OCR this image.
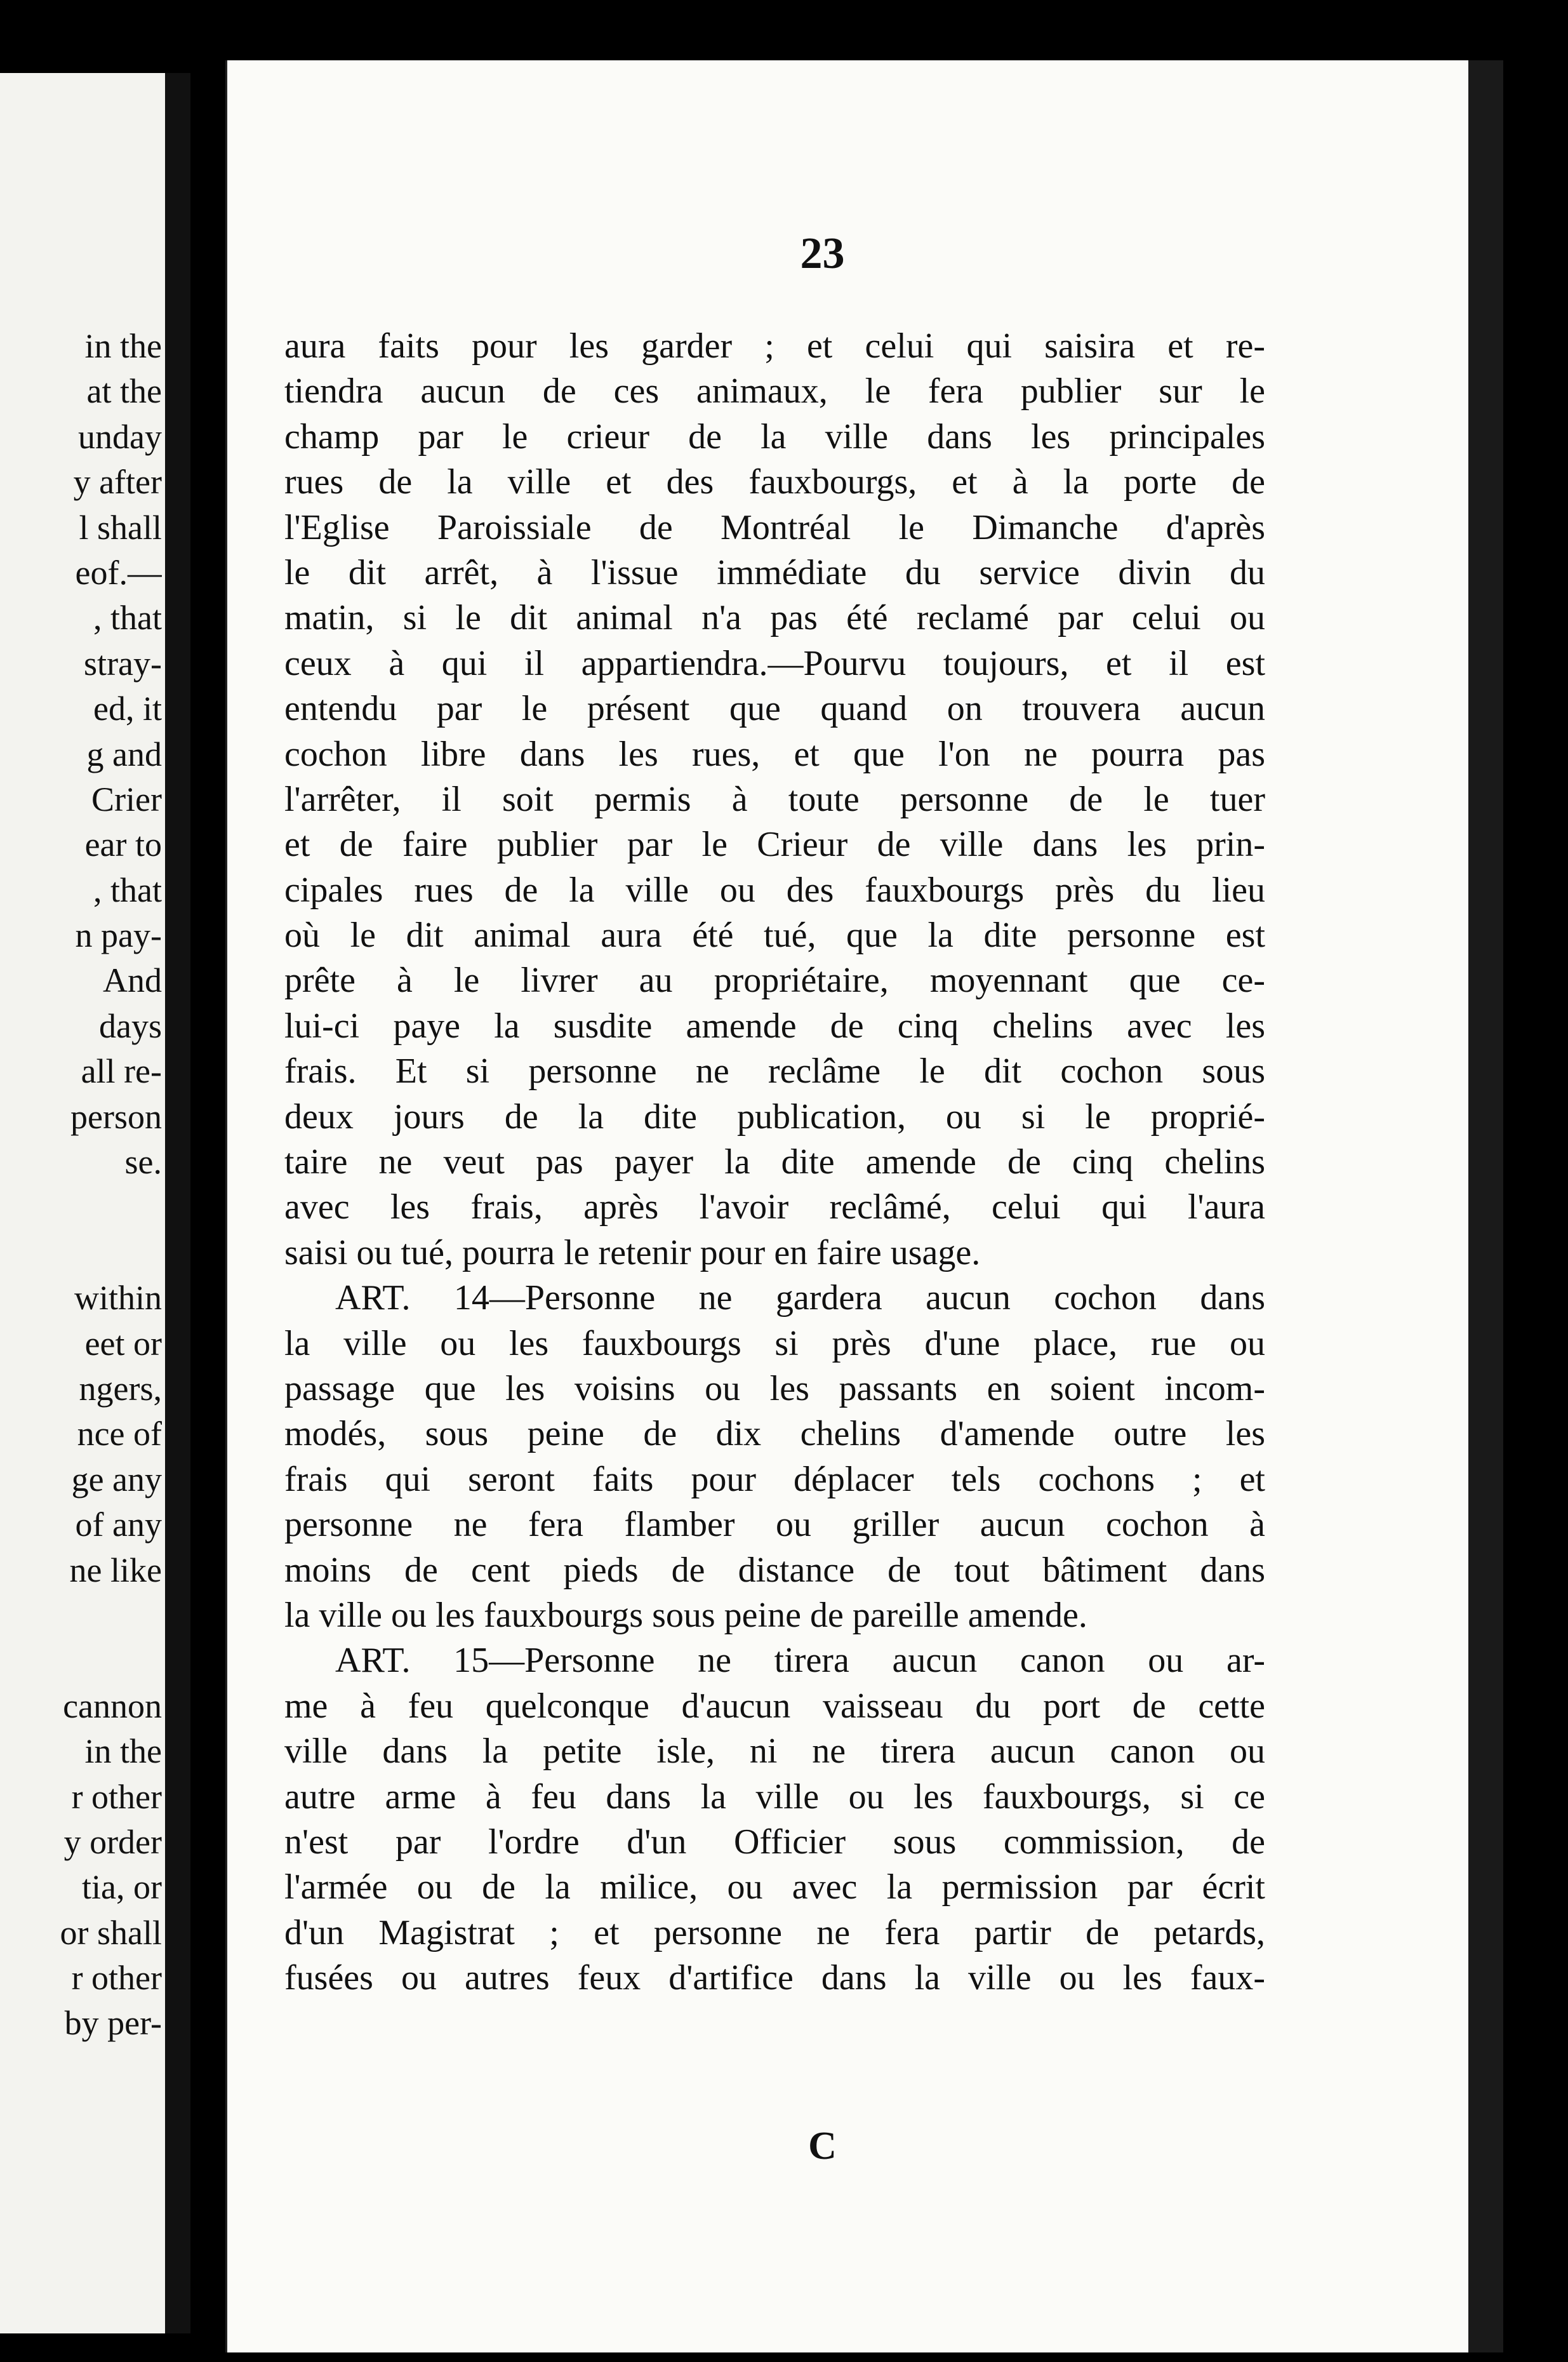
in the
at the
unday
y after
l shall
eof.—
, that
stray-
ed, it
g and
Crier
ear to
, that
n pay-
And
days
all re-
person
se.
within
eet or
ngers,
nce of
ge any
of any
ne like
cannon
in the
r other
y order
tia, or
or shall
r other
by per-
23
aura faits pour les garder ; et celui qui saisira et re-
tiendra aucun de ces animaux, le fera publier sur le
champ par le crieur de la ville dans les principales
rues de la ville et des fauxbourgs, et à la porte de
l'Eglise Paroissiale de Montréal le Dimanche d'après
le dit arrêt, à l'issue immédiate du service divin du
matin, si le dit animal n'a pas été reclamé par celui ou
ceux à qui il appartiendra.—Pourvu toujours, et il est
entendu par le présent que quand on trouvera aucun
cochon libre dans les rues, et que l'on ne pourra pas
l'arrêter, il soit permis à toute personne de le tuer
et de faire publier par le Crieur de ville dans les prin-
cipales rues de la ville ou des fauxbourgs près du lieu
où le dit animal aura été tué, que la dite personne est
prête à le livrer au propriétaire, moyennant que ce-
lui-ci paye la susdite amende de cinq chelins avec les
frais. Et si personne ne reclâme le dit cochon sous
deux jours de la dite publication, ou si le proprié-
taire ne veut pas payer la dite amende de cinq chelins
avec les frais, après l'avoir reclâmé, celui qui l'aura
saisi ou tué, pourra le retenir pour en faire usage.
ART. 14—Personne ne gardera aucun cochon dans
la ville ou les fauxbourgs si près d'une place, rue ou
passage que les voisins ou les passants en soient incom-
modés, sous peine de dix chelins d'amende outre les
frais qui seront faits pour déplacer tels cochons ; et
personne ne fera flamber ou griller aucun cochon à
moins de cent pieds de distance de tout bâtiment dans
la ville ou les fauxbourgs sous peine de pareille amende.
ART. 15—Personne ne tirera aucun canon ou ar-
me à feu quelconque d'aucun vaisseau du port de cette
ville dans la petite isle, ni ne tirera aucun canon ou
autre arme à feu dans la ville ou les fauxbourgs, si ce
n'est par l'ordre d'un Officier sous commission, de
l'armée ou de la milice, ou avec la permission par écrit
d'un Magistrat ; et personne ne fera partir de petards,
fusées ou autres feux d'artifice dans la ville ou les faux-
C
